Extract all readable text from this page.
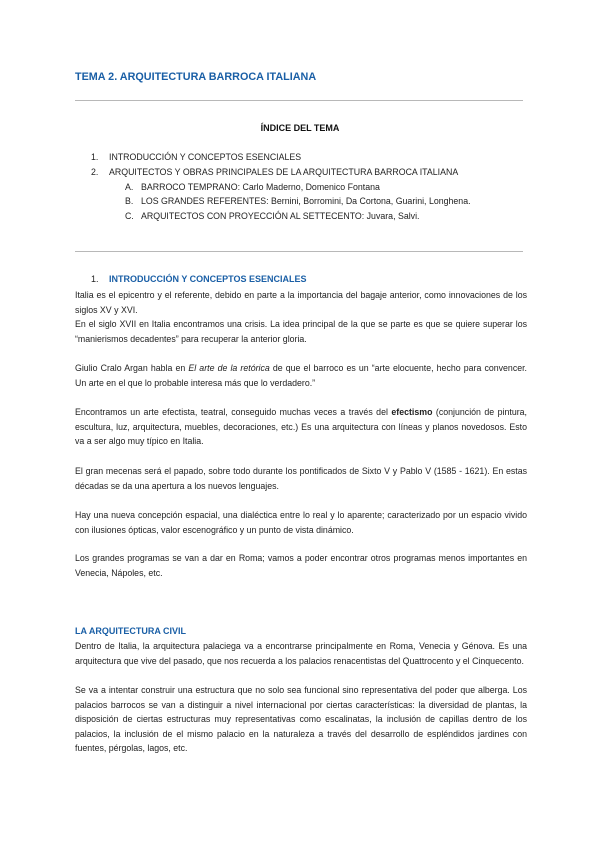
TEMA 2. ARQUITECTURA BARROCA ITALIANA
ÍNDICE DEL TEMA
1. INTRODUCCIÓN Y CONCEPTOS ESENCIALES
2. ARQUITECTOS Y OBRAS PRINCIPALES DE LA ARQUITECTURA BARROCA ITALIANA
A. BARROCO TEMPRANO: Carlo Maderno, Domenico Fontana
B. LOS GRANDES REFERENTES: Bernini, Borromini, Da Cortona, Guarini, Longhena.
C. ARQUITECTOS CON PROYECCIÓN AL SETTECENTO: Juvara, Salvi.
1. INTRODUCCIÓN Y CONCEPTOS ESENCIALES

Italia es el epicentro y el referente, debido en parte a la importancia del bagaje anterior, como innovaciones de los siglos XV y XVI.

En el siglo XVII en Italia encontramos una crisis. La idea principal de la que se parte es que se quiere superar los “manierismos decadentes” para recuperar la anterior gloria.

Giulio Cralo Argan habla en El arte de la retórica de que el barroco es un “arte elocuente, hecho para convencer. Un arte en el que lo probable interesa más que lo verdadero.”

Encontramos un arte efectista, teatral, conseguido muchas veces a través del efectismo (conjunción de pintura, escultura, luz, arquitectura, muebles, decoraciones, etc.) Es una arquitectura con líneas y planos novedosos. Esto va a ser algo muy típico en Italia.

El gran mecenas será el papado, sobre todo durante los pontificados de Sixto V y Pablo V (1585 - 1621). En estas décadas se da una apertura a los nuevos lenguajes.

Hay una nueva concepción espacial, una dialéctica entre lo real y lo aparente; caracterizado por un espacio vivido con ilusiones ópticas, valor escenográfico y un punto de vista dinámico.

Los grandes programas se van a dar en Roma; vamos a poder encontrar otros programas menos importantes en Venecia, Nápoles, etc.

LA ARQUITECTURA CIVIL

Dentro de Italia, la arquitectura palaciega va a encontrarse principalmente en Roma, Venecia y Génova. Es una arquitectura que vive del pasado, que nos recuerda a los palacios renacentistas del Quattrocento y el Cinquecento.

Se va a intentar construir una estructura que no solo sea funcional sino representativa del poder que alberga. Los palacios barrocos se van a distinguir a nivel internacional por ciertas características: la diversidad de plantas, la disposición de ciertas estructuras muy representativas como escalinatas, la inclusión de capillas dentro de los palacios, la inclusión de el mismo palacio en la naturaleza a través del desarrollo de espléndidos jardines con fuentes, pérgolas, lagos, etc.
